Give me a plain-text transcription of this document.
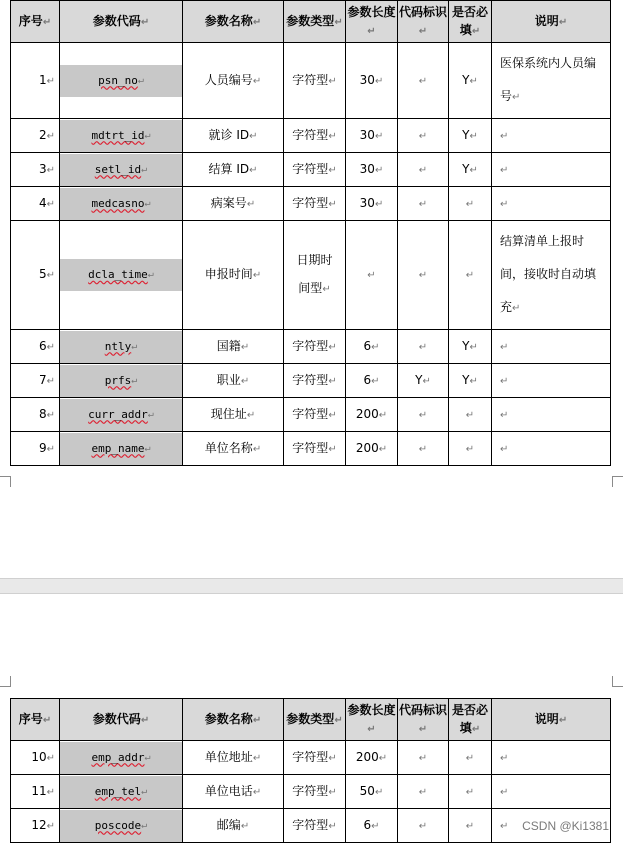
序号↵	参数代码↵	参数名称↵	参数类型↵	参数长度↵	代码标识↵	是否必填↵	说明↵
1↵	psn_no ↵	人员编号↵	字符型↵	30↵	↵	Y↵	医保系统内人员编号↵
2↵	mdtrt_id ↵	就诊 ID↵	字符型↵	30↵	↵	Y↵	↵
3↵	setl_id ↵	结算 ID↵	字符型↵	30↵	↵	Y↵	↵
4↵	medcasno ↵	病案号↵	字符型↵	30↵	↵	↵	↵
5↵	dcla_time ↵	申报时间↵	日期时间型↵	↵	↵	↵	结算清单上报时间，接收时自动填充↵
6↵	ntly ↵	国籍↵	字符型↵	6↵	↵	Y↵	↵
7↵	prfs ↵	职业↵	字符型↵	6↵	Y↵	Y↵	↵
8↵	curr_addr ↵	现住址↵	字符型↵	200↵	↵	↵	↵
9↵	emp_name ↵	单位名称↵	字符型↵	200↵	↵	↵	↵
序号↵	参数代码↵	参数名称↵	参数类型↵	参数长度↵	代码标识↵	是否必填↵	说明↵
10↵	emp_addr ↵	单位地址↵	字符型↵	200↵	↵	↵	↵
11↵	emp_tel ↵	单位电话↵	字符型↵	50↵	↵	↵	↵
12↵	poscode ↵	邮编↵	字符型↵	6↵	↵	↵	↵ CSDN @Ki1381
